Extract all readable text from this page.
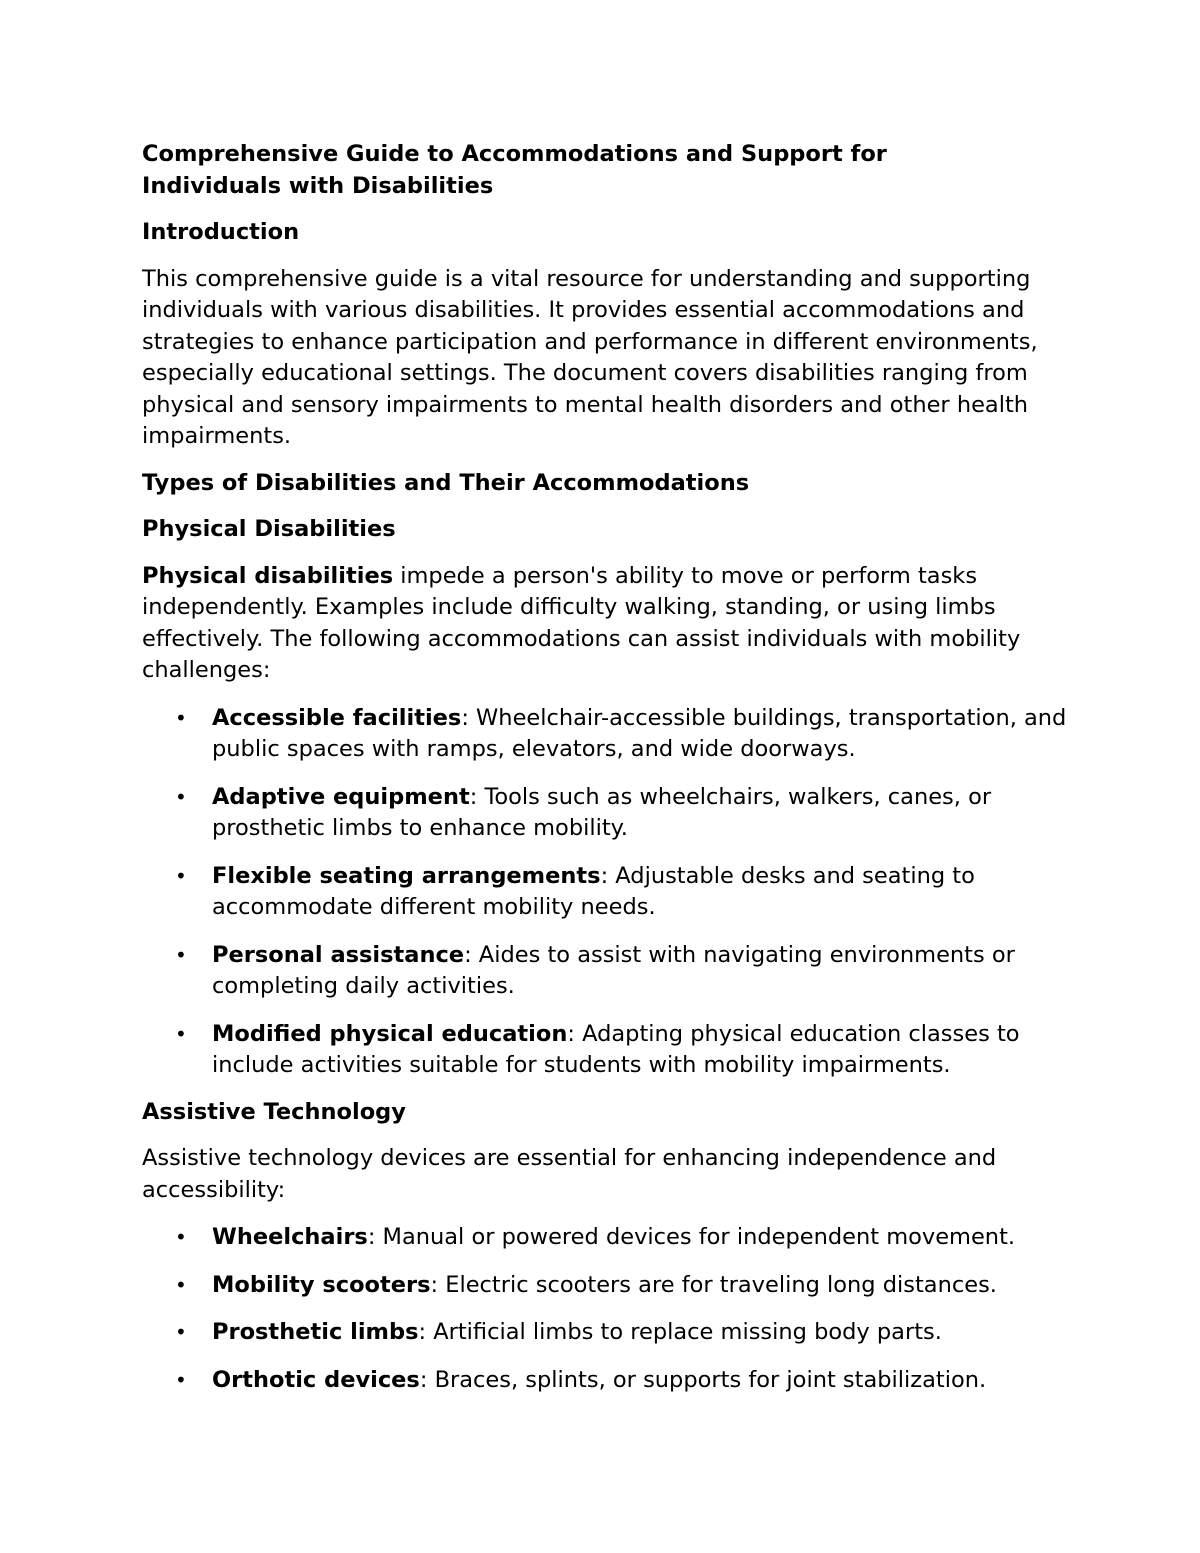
Comprehensive Guide to Accommodations and Support for Individuals with Disabilities
Introduction

This comprehensive guide is a vital resource for understanding and supporting individuals with various disabilities. It provides essential accommodations and strategies to enhance participation and performance in different environments, especially educational settings. The document covers disabilities ranging from physical and sensory impairments to mental health disorders and other health impairments.

Types of Disabilities and Their Accommodations
Physical Disabilities

Physical disabilities impede a person's ability to move or perform tasks independently. Examples include difficulty walking, standing, or using limbs effectively. The following accommodations can assist individuals with mobility challenges:

• Accessible facilities: Wheelchair-accessible buildings, transportation, and public spaces with ramps, elevators, and wide doorways.
• Adaptive equipment: Tools such as wheelchairs, walkers, canes, or prosthetic limbs to enhance mobility.
• Flexible seating arrangements: Adjustable desks and seating to accommodate different mobility needs.
• Personal assistance: Aides to assist with navigating environments or completing daily activities.
• Modified physical education: Adapting physical education classes to include activities suitable for students with mobility impairments.
Assistive Technology

Assistive technology devices are essential for enhancing independence and accessibility:

• Wheelchairs: Manual or powered devices for independent movement.
• Mobility scooters: Electric scooters are for traveling long distances.
• Prosthetic limbs: Artificial limbs to replace missing body parts.
• Orthotic devices: Braces, splints, or supports for joint stabilization.
